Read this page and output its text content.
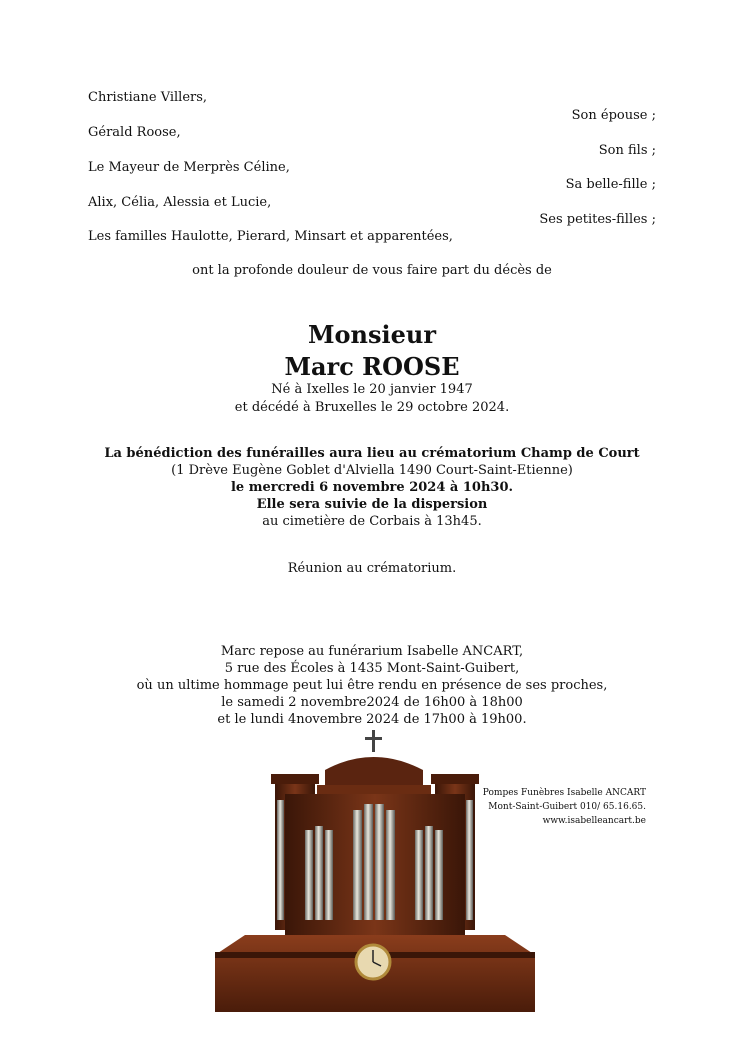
Christiane Villers,
Son épouse ;
Gérald Roose,
Son fils ;
Le Mayeur de Merprès Céline,
Sa belle-fille ;
Alix, Célia, Alessia et Lucie,
Ses petites-filles ;
Les familles Haulotte, Pierard, Minsart et apparentées,
ont la profonde douleur de vous faire part du décès de
Monsieur
Marc ROOSE
Né à Ixelles le 20 janvier 1947
et décédé à Bruxelles le 29 octobre 2024.
La bénédiction des funérailles aura lieu au crématorium Champ de Court
(1 Drève Eugène Goblet d'Alviella 1490 Court-Saint-Etienne)
le mercredi 6 novembre 2024 à 10h30.
Elle sera suivie de la dispersion
au cimetière de Corbais à 13h45.
Réunion au crématorium.
Marc repose au funérarium Isabelle ANCART,
5 rue des Écoles à 1435 Mont-Saint-Guibert,
où un ultime hommage peut lui être rendu en présence de ses proches,
le samedi 2 novembre2024 de 16h00 à 18h00
et le lundi 4novembre 2024 de 17h00 à 19h00.
Pompes Funèbres Isabelle ANCART
Mont-Saint-Guibert 010/ 65.16.65.
www.isabelleancart.be
